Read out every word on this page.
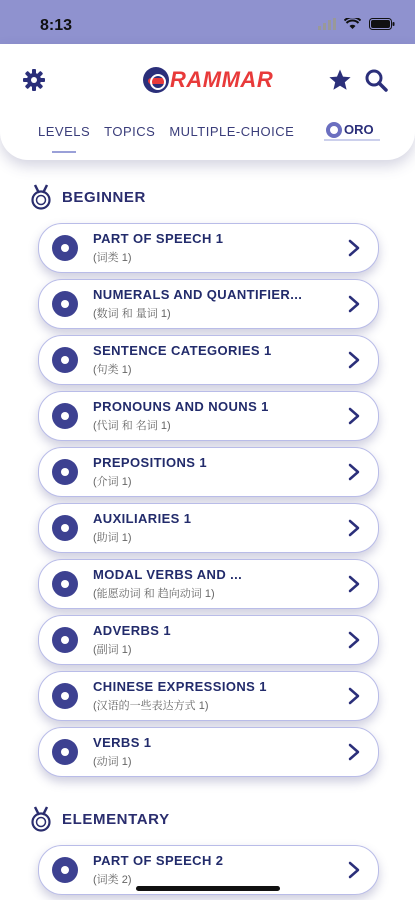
8:13
RAMMAR
LEVELS TOPICS MULTIPLE-CHOICE	ORO
BEGINNER
PART OF SPEECH 1
(词类 1)
NUMERALS AND QUANTIFIER...
(数词 和 量词 1)
SENTENCE CATEGORIES 1
(句类 1)
PRONOUNS AND NOUNS 1
(代词 和 名词 1)
PREPOSITIONS 1
(介词 1)
AUXILIARIES 1
(助词 1)
MODAL VERBS AND ...
(能愿动词 和 趋向动词 1)
ADVERBS 1
(副词 1)
CHINESE EXPRESSIONS 1
(汉语的一些表达方式 1)
VERBS 1
(动词 1)
ELEMENTARY
PART OF SPEECH 2
(词类 2)
